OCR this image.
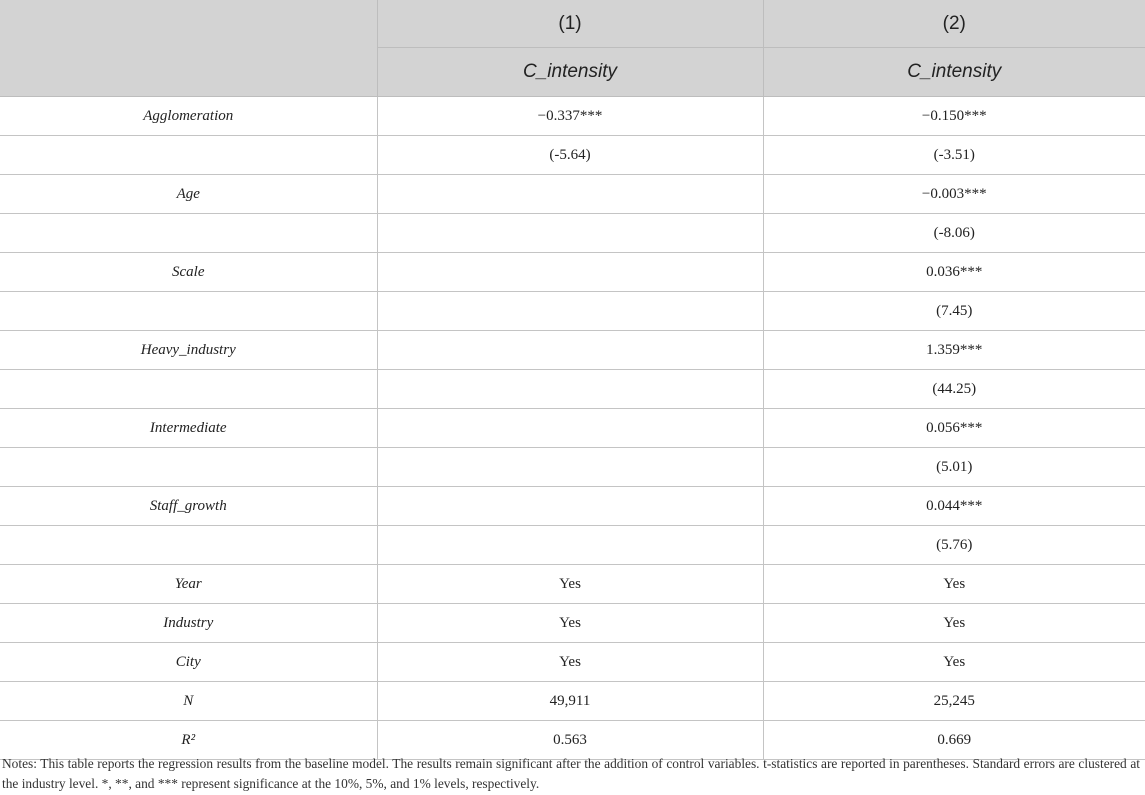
	(1)	(2)
	C_intensity	C_intensity
Agglomeration	−0.337***	−0.150***
	(-5.64)	(-3.51)
Age		−0.003***
		(-8.06)
Scale		0.036***
		(7.45)
Heavy_industry		1.359***
		(44.25)
Intermediate		0.056***
		(5.01)
Staff_growth		0.044***
		(5.76)
Year	Yes	Yes
Industry	Yes	Yes
City	Yes	Yes
N	49,911	25,245
R²	0.563	0.669
Notes: This table reports the regression results from the baseline model. The results remain significant after the addition of control variables. t-statistics are reported in parentheses. Standard errors are clustered at the industry level. *, **, and *** represent significance at the 10%, 5%, and 1% levels, respectively.
